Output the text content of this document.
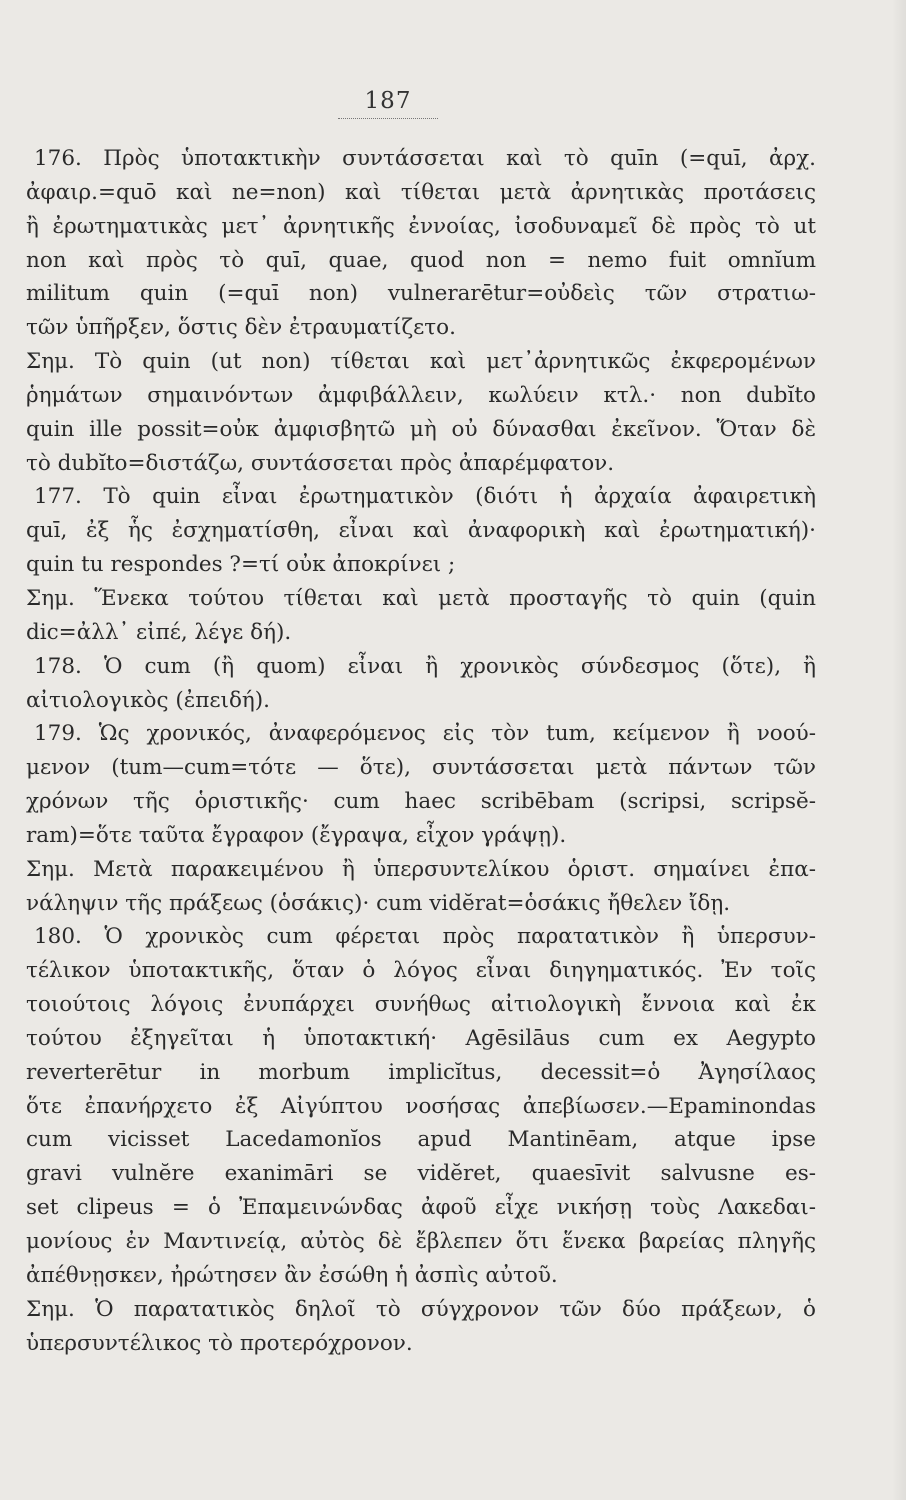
187
176. Πρὸς ὑποτακτικὴν συντάσσεται καὶ τὸ quīn (=quī, ἀρχ.
ἀφαιρ.=quō καὶ ne=non) καὶ τίθεται μετὰ ἀρνητικὰς προτάσεις
ἢ ἐρωτηματικὰς μετ᾽ ἀρνητικῆς ἐννοίας, ἰσοδυναμεῖ δὲ πρὸς τὸ ut
non καὶ πρὸς τὸ quī, quae, quod non = nemo fuit omnĭum
militum quin (=quī non) vulnerarētur=οὐδεὶς τῶν στρατιω-
τῶν ὑπῆρξεν, ὅστις δὲν ἐτραυματίζετο.
Σημ. Τὸ quin (ut non) τίθεται καὶ μετ᾽ἀρνητικῶς ἐκφερομένων
ῥημάτων σημαινόντων ἀμφιβάλλειν, κωλύειν κτλ.· non dubĭto
quin ille possit=οὐκ ἀμφισβητῶ μὴ οὐ δύνασθαι ἐκεῖνον. Ὅταν δὲ
τὸ dubĭto=διστάζω, συντάσσεται πρὸς ἀπαρέμφατον.
177. Τὸ quin εἶναι ἐρωτηματικὸν (διότι ἡ ἀρχαία ἀφαιρετικὴ
quī, ἐξ ἧς ἐσχηματίσθη, εἶναι καὶ ἀναφορικὴ καὶ ἐρωτηματική)·
quin tu respondes ?=τί οὐκ ἀποκρίνει ;
Σημ. Ἕνεκα τούτου τίθεται καὶ μετὰ προσταγῆς τὸ quin (quin
dic=ἀλλ᾽ εἰπέ, λέγε δή).
178. Ὁ cum (ἢ quom) εἶναι ἢ χρονικὸς σύνδεσμος (ὅτε), ἢ
αἰτιολογικὸς (ἐπειδή).
179. Ὡς χρονικός, ἀναφερόμενος εἰς τὸν tum, κείμενον ἢ νοού-
μενον (tum—cum=τότε — ὅτε), συντάσσεται μετὰ πάντων τῶν
χρόνων τῆς ὁριστικῆς· cum haec scribēbam (scripsi, scripsĕ-
ram)=ὅτε ταῦτα ἔγραφον (ἔγραψα, εἶχον γράψῃ).
Σημ. Μετὰ παρακειμένου ἢ ὑπερσυντελίκου ὁριστ. σημαίνει ἐπα-
νάληψιν τῆς πράξεως (ὁσάκις)· cum vidĕrat=ὁσάκις ἤθελεν ἴδῃ.
180. Ὁ χρονικὸς cum φέρεται πρὸς παρατατικὸν ἢ ὑπερσυν-
τέλικον ὑποτακτικῆς, ὅταν ὁ λόγος εἶναι διηγηματικός. Ἐν τοῖς
τοιούτοις λόγοις ἐνυπάρχει συνήθως αἰτιολογικὴ ἔννοια καὶ ἐκ
τούτου ἐξηγεῖται ἡ ὑποτακτική· Agēsilāus cum ex Aegypto
reverterētur in morbum implicĭtus, decessit=ὁ Ἀγησίλαος
ὅτε ἐπανήρχετο ἐξ Αἰγύπτου νοσήσας ἀπεβίωσεν.—Epaminondas
cum vicisset Lacedamonĭos apud Mantinēam, atque ipse
gravi vulnĕre exanimāri se vidĕret, quaesīvit salvusne es-
set clipeus = ὁ Ἐπαμεινώνδας ἀφοῦ εἶχε νικήσῃ τοὺς Λακεδαι-
μονίους ἐν Μαντινείᾳ, αὐτὸς δὲ ἔβλεπεν ὅτι ἕνεκα βαρείας πληγῆς
ἀπέθνῃσκεν, ἠρώτησεν ἂν ἐσώθη ἡ ἀσπὶς αὐτοῦ.
Σημ. Ὁ παρατατικὸς δηλοῖ τὸ σύγχρονον τῶν δύο πράξεων, ὁ
ὑπερσυντέλικος τὸ προτερόχρονον.
